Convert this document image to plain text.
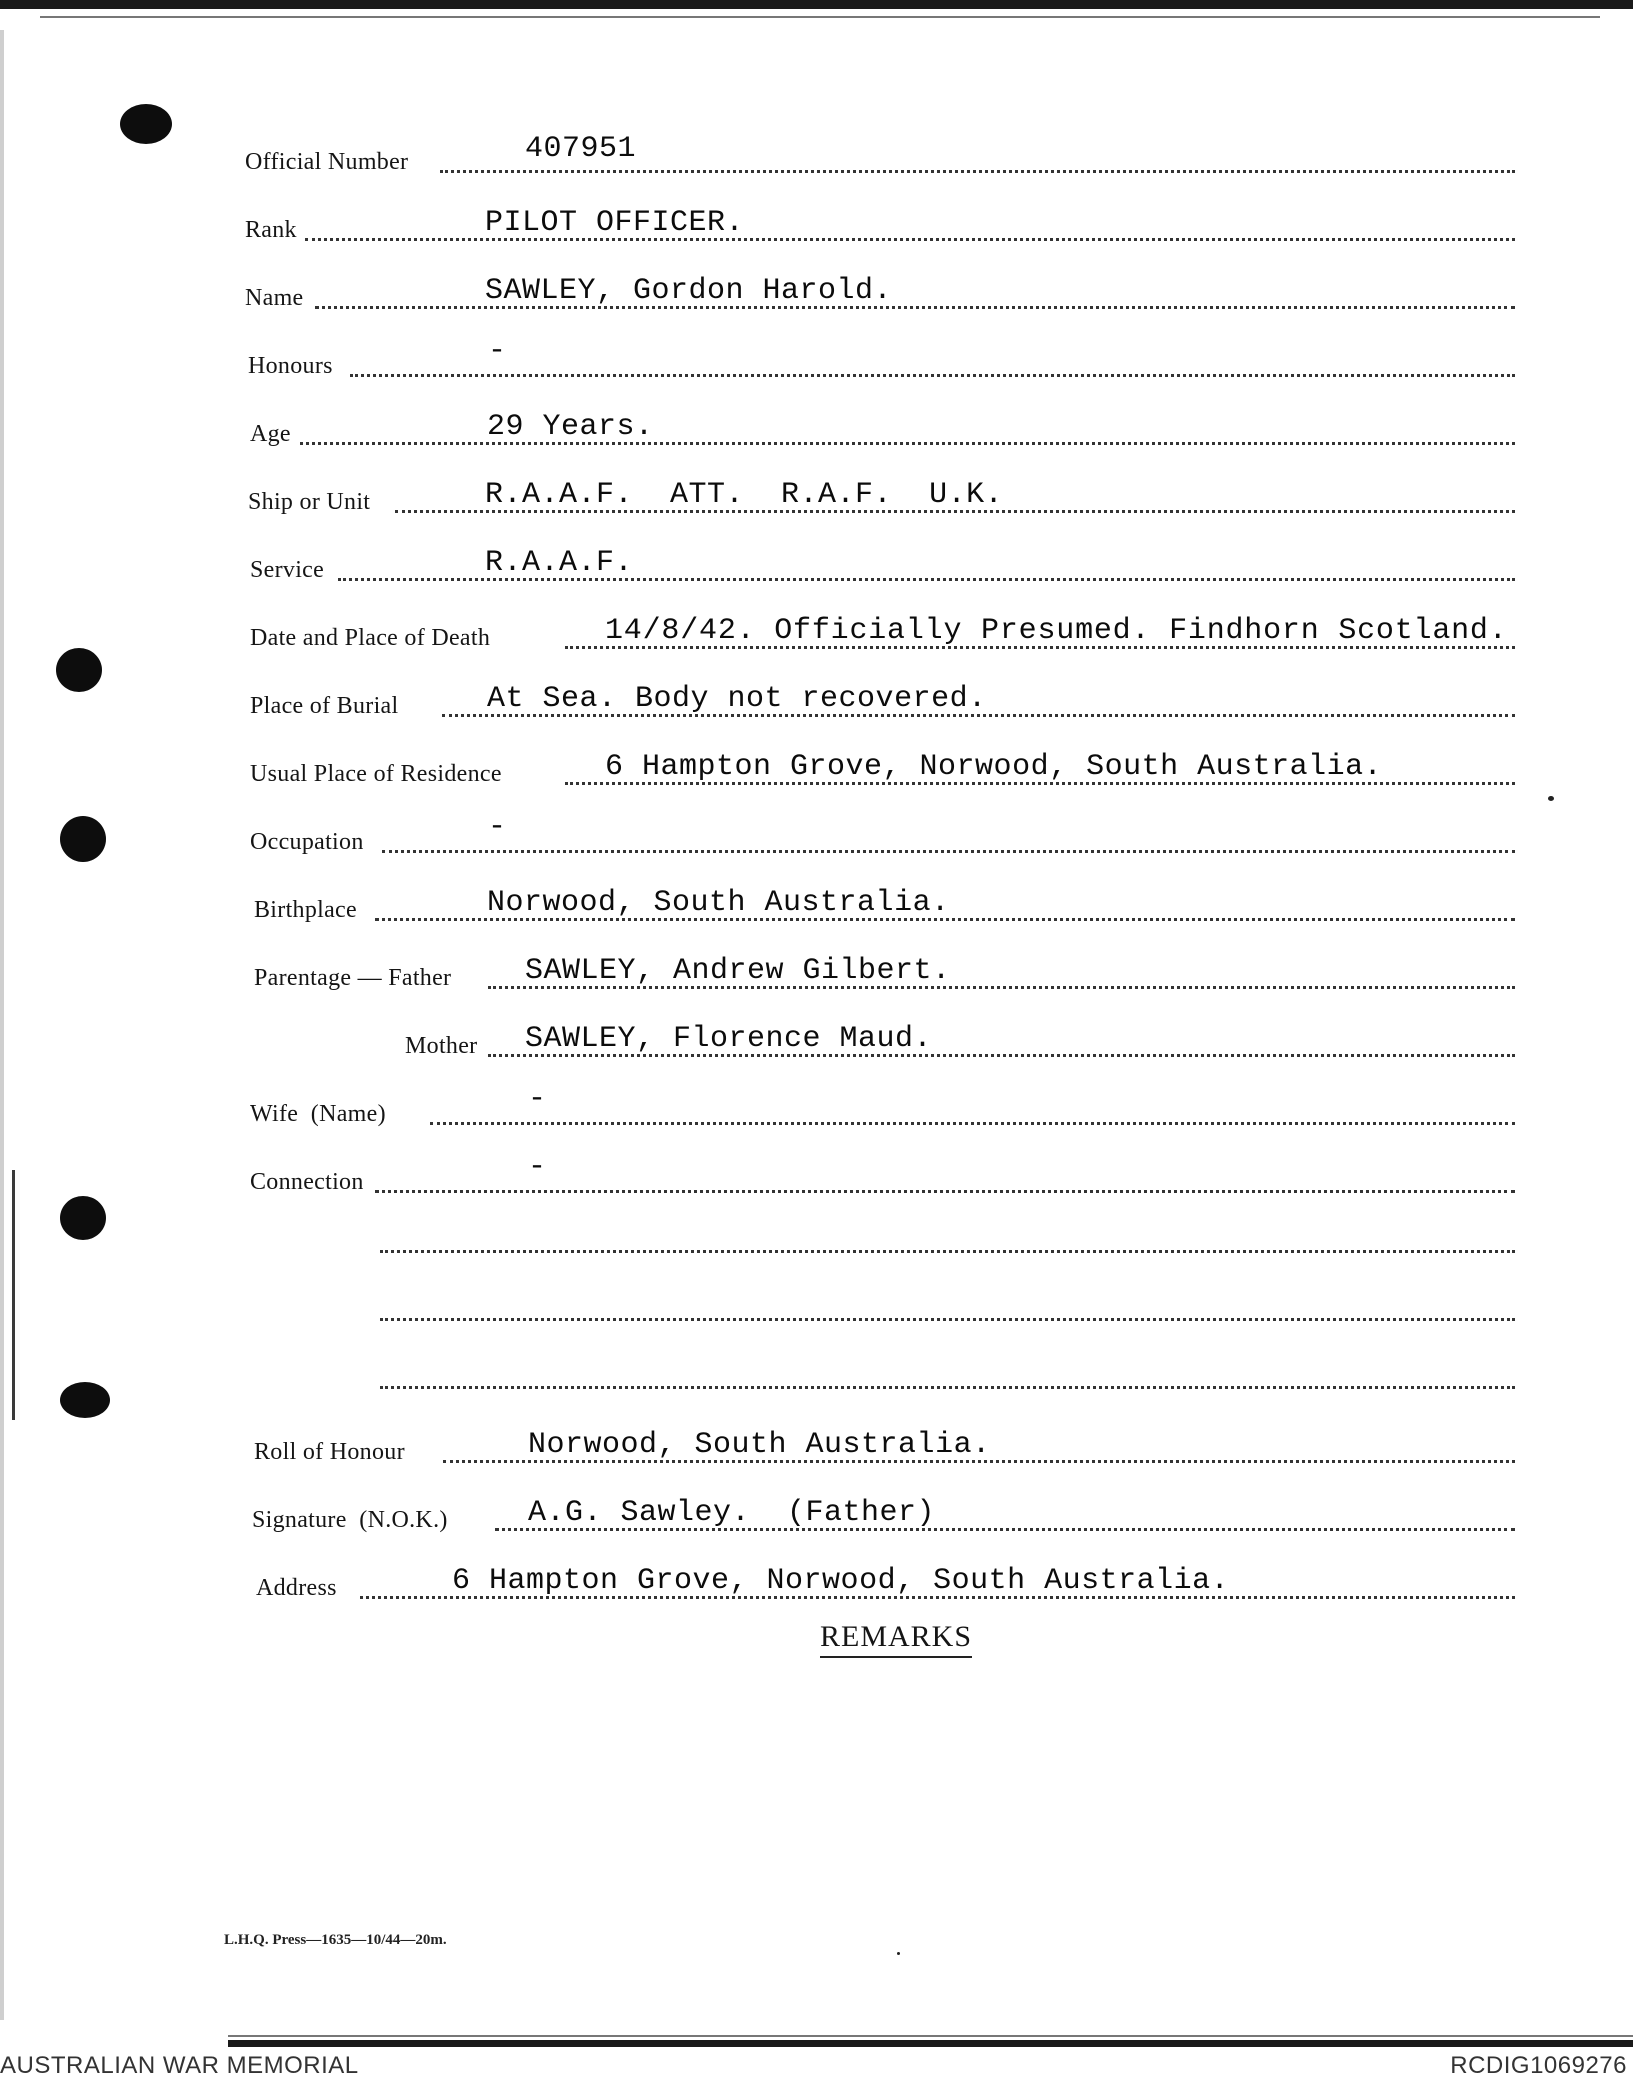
Official Number	407951
Rank	PILOT OFFICER.
Name	SAWLEY, Gordon Harold.
Honours	-
Age	29 Years.
Ship or Unit	R.A.A.F.  ATT.  R.A.F.  U.K.
Service	R.A.A.F.
Date and Place of Death	14/8/42. Officially Presumed. Findhorn Scotland.
Place of Burial	At Sea. Body not recovered.
Usual Place of Residence	6 Hampton Grove, Norwood, South Australia.
Occupation	-
Birthplace	Norwood, South Australia.
Parentage — Father SAWLEY, Andrew Gilbert.
Mother SAWLEY, Florence Maud.
Wife  (Name)	-
Connection	-
Roll of Honour	Norwood, South Australia.
Signature  (N.O.K.)	A.G. Sawley.  (Father)
Address	6 Hampton Grove, Norwood, South Australia.
REMARKS
L.H.Q. Press—1635—10/44—20m.
AUSTRALIAN WAR MEMORIAL	RCDIG1069276
